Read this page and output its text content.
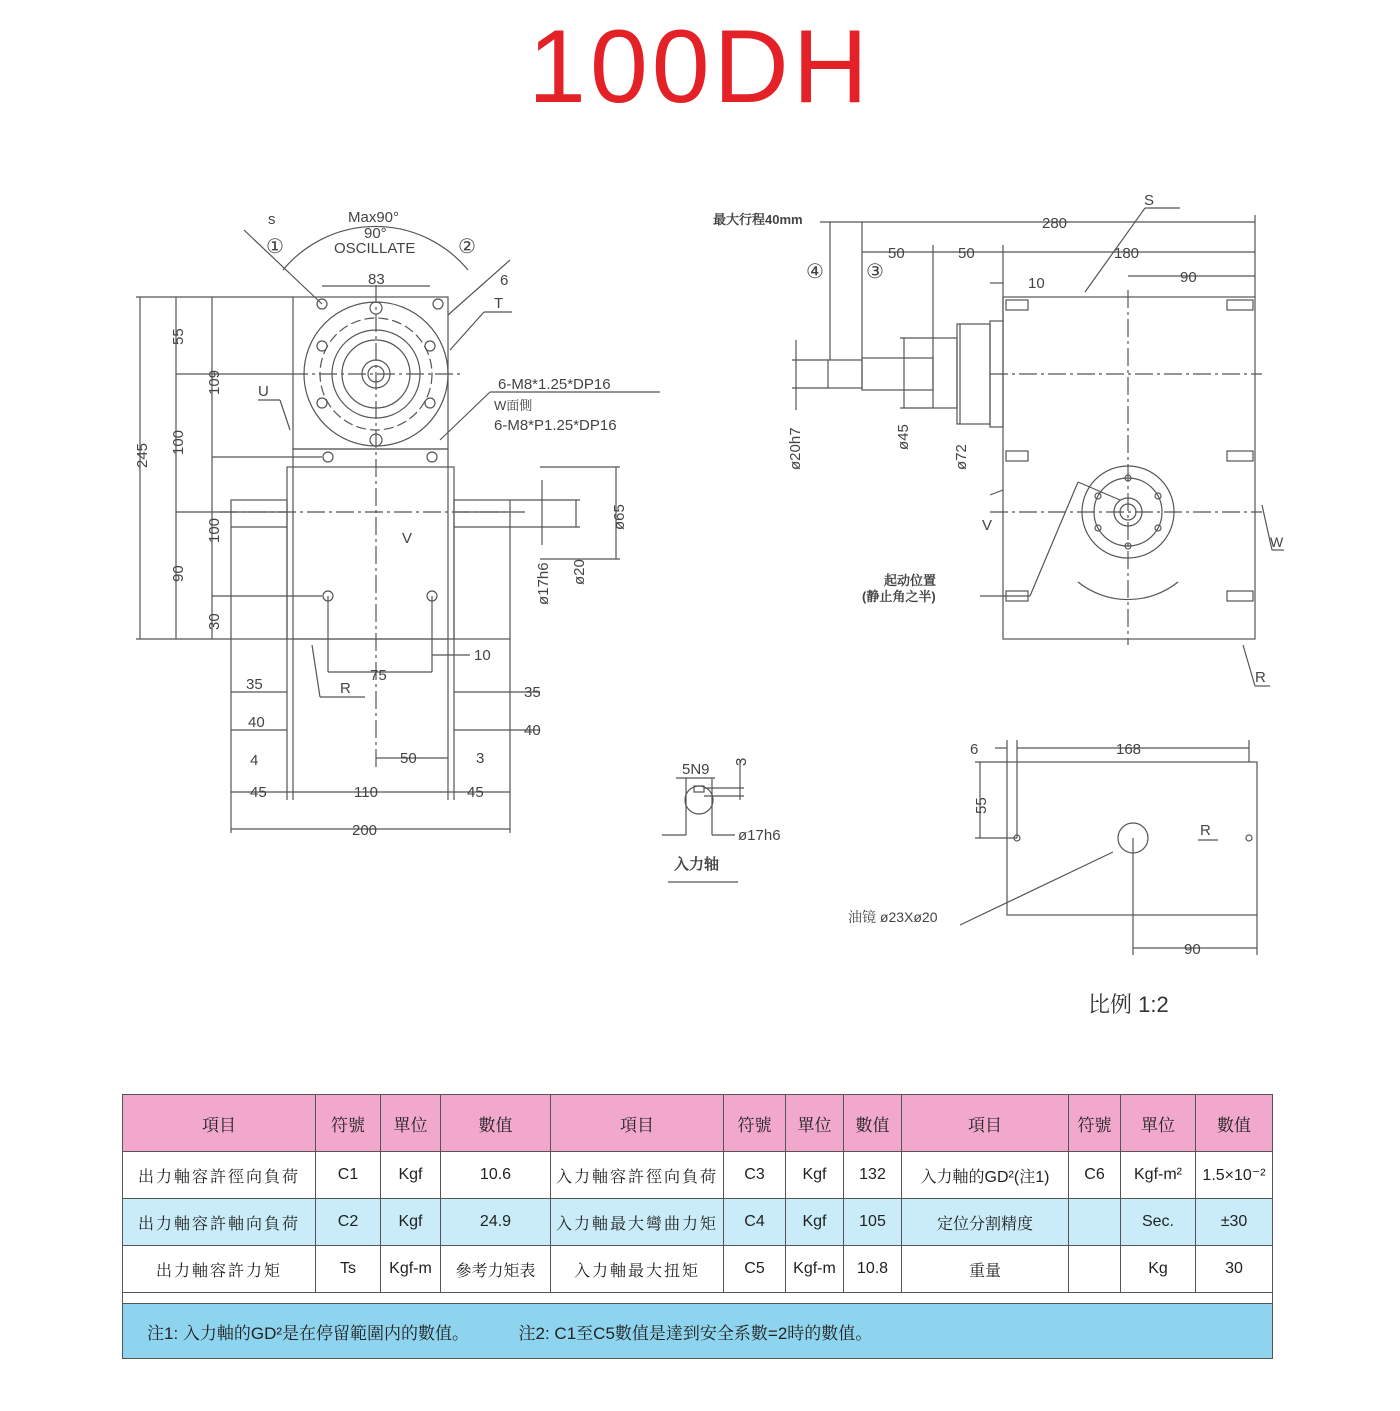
100DH
s	Max90°
90°
OSCILLATE
①	②
83	6
T
U	6-M8*1.25*DP16
W面側
6-M8*P1.25*DP16
V
R
245
55
100
90
109
100
30
ø65
ø17h6 ø20
10
75
35	35
40	40
4	50	3
45	110	45
200
最大行程40mm
S
280
④ ③
50	50	180
10	90
ø20h7	ø45
ø72
V
W
R
起动位置
(静止角之半)
5N9 3
ø17h6
入力轴
6	168
55
R
油镜 ø23Xø20
90
比例 1:2
項目	符號	單位	數值	項目	符號	單位	數值	項目	符號	單位	數值
出力軸容許徑向負荷	C1	Kgf	10.6	入力軸容許徑向負荷	C3	Kgf	132	入力軸的GD²(注1)	C6	Kgf-m²	1.5×10⁻²
出力軸容許軸向負荷	C2	Kgf	24.9	入力軸最大彎曲力矩	C4	Kgf	105	定位分割精度		Sec.	±30
出力軸容許力矩	Ts	Kgf-m	參考力矩表	入力軸最大扭矩	C5	Kgf-m	10.8	重量		Kg	30

注1: 入力軸的GD²是在停留範圍内的數值。 注2: C1至C5數值是達到安全系數=2時的數值。											
